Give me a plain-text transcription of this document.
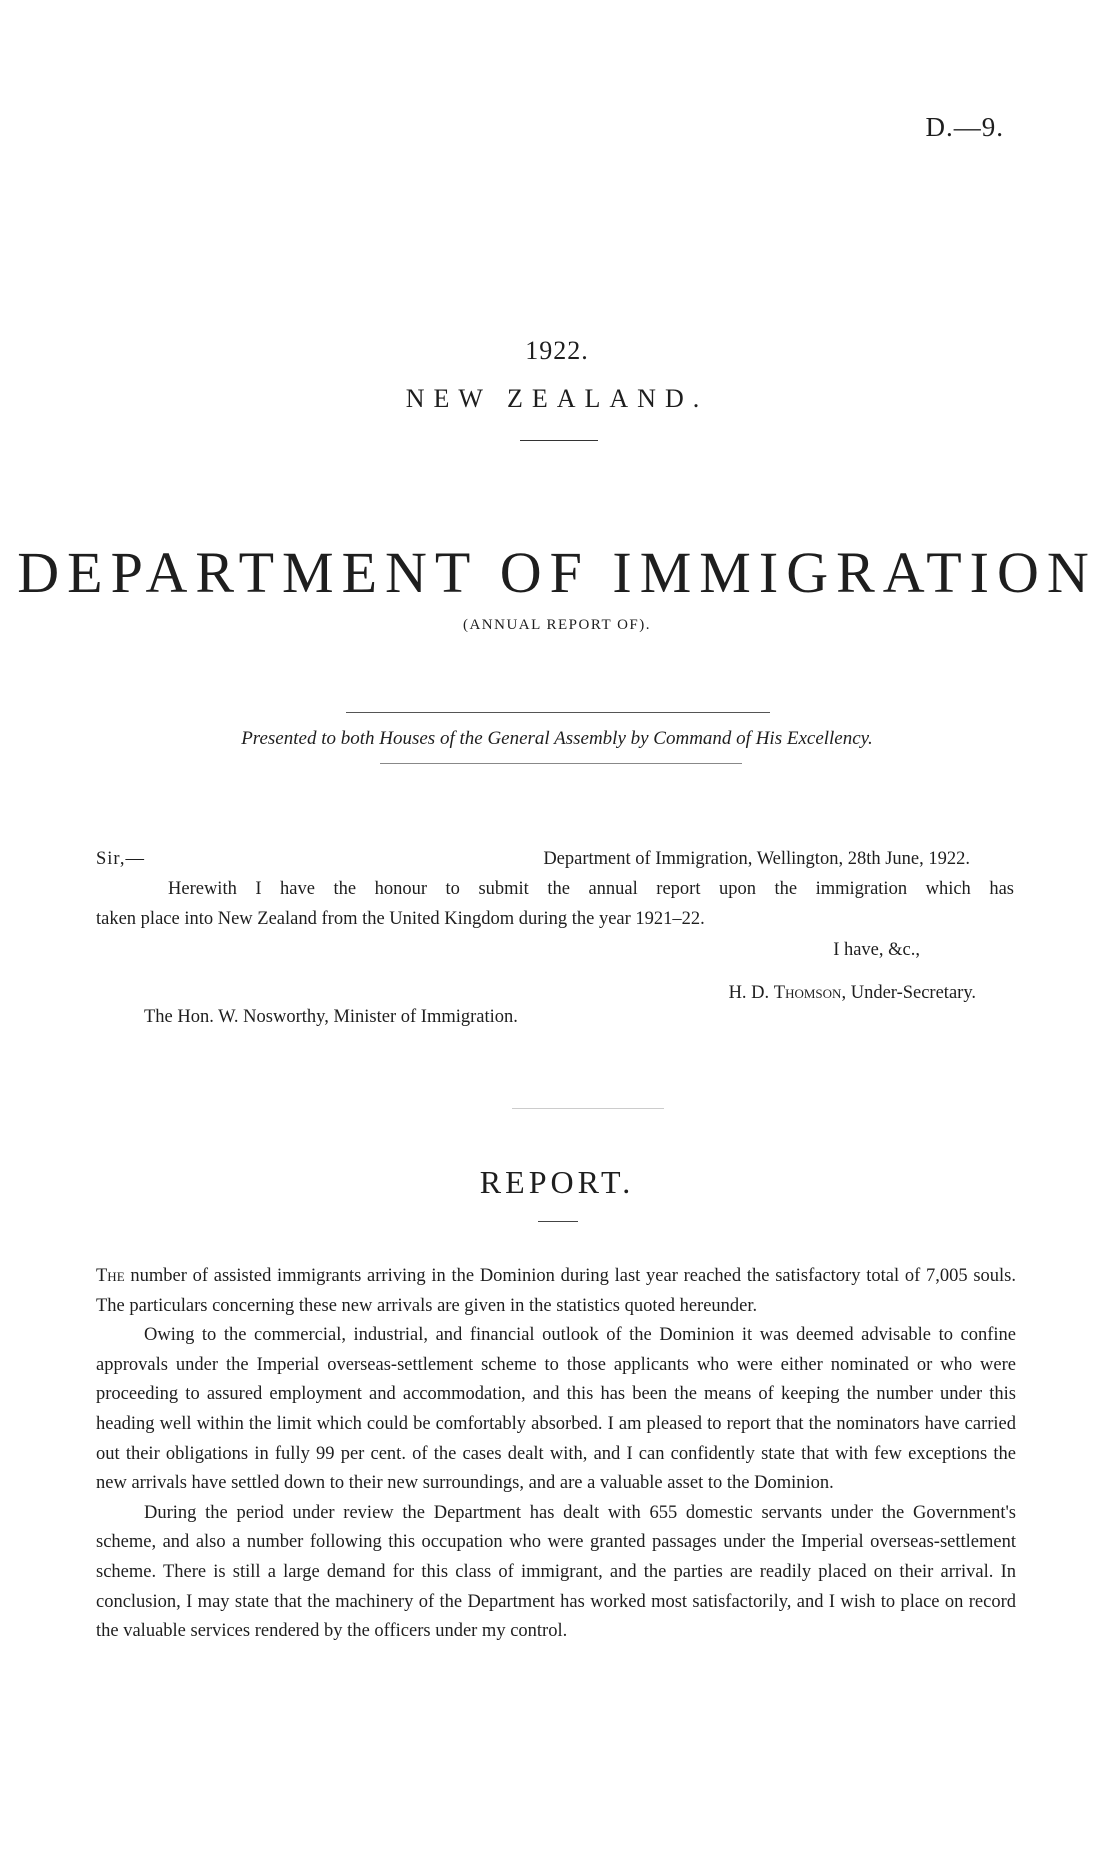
D.—9.
1922.
NEW ZEALAND.
DEPARTMENT OF IMMIGRATION
(ANNUAL REPORT OF).
Presented to both Houses of the General Assembly by Command of His Excellency.
Sir,—	Department of Immigration, Wellington, 28th June, 1922.
Herewith I have the honour to submit the annual report upon the immigration which has
taken place into New Zealand from the United Kingdom during the year 1921–22.
I have, &c.,
H. D. Thomson, Under-Secretary.
The Hon. W. Nosworthy, Minister of Immigration.
REPORT.

The number of assisted immigrants arriving in the Dominion during last year reached the satisfactory total of 7,005 souls. The particulars concerning these new arrivals are given in the statistics quoted hereunder.

Owing to the commercial, industrial, and financial outlook of the Dominion it was deemed advisable to confine approvals under the Imperial overseas-settlement scheme to those applicants who were either nominated or who were proceeding to assured employment and accommodation, and this has been the means of keeping the number under this heading well within the limit which could be comfortably absorbed. I am pleased to report that the nominators have carried out their obligations in fully 99 per cent. of the cases dealt with, and I can confidently state that with few exceptions the new arrivals have settled down to their new surroundings, and are a valuable asset to the Dominion.

During the period under review the Department has dealt with 655 domestic servants under the Government's scheme, and also a number following this occupation who were granted passages under the Imperial overseas-settlement scheme. There is still a large demand for this class of immigrant, and the parties are readily placed on their arrival. In conclusion, I may state that the machinery of the Department has worked most satisfactorily, and I wish to place on record the valuable services rendered by the officers under my control.
